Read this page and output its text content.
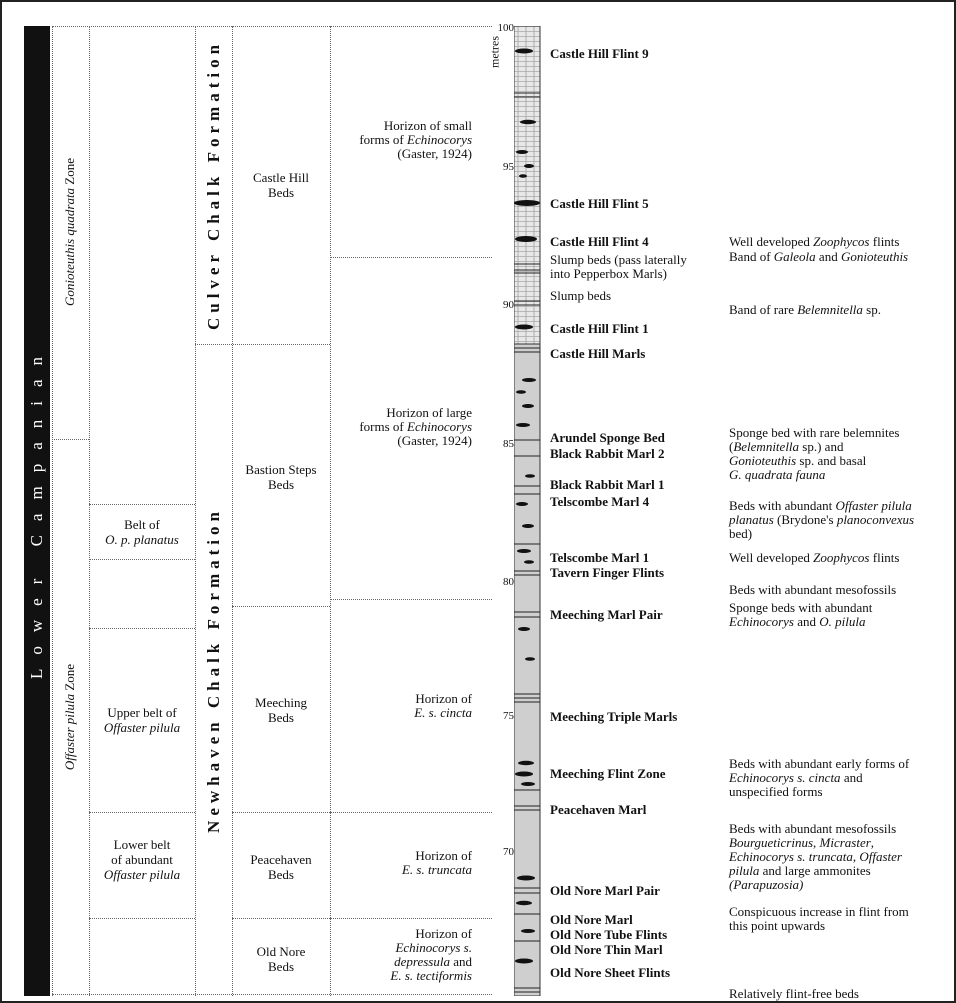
Lower Campanian
Gonioteuthis quadrata Zone
Offaster pilula Zone
Belt of
O. p. planatus
Upper belt of
Offaster pilula
Lower belt
of abundant
Offaster pilula
Culver Chalk Formation
Newhaven Chalk Formation
Castle Hill
Beds
Bastion Steps
Beds
Meeching
Beds
Peacehaven
Beds
Old Nore
Beds
Horizon of small
forms of Echinocorys
(Gaster, 1924)
Horizon of large
forms of Echinocorys
(Gaster, 1924)
Horizon of
E. s. cincta
Horizon of
E. s. truncata
Horizon of
Echinocorys s.
depressula and
E. s. tectiformis
metres
100
95
90
85
80
75
70
Castle Hill Flint 9
Castle Hill Flint 5
Castle Hill Flint 4
Slump beds (pass laterally
into Pepperbox Marls)
Slump beds
Castle Hill Flint 1
Castle Hill Marls
Arundel Sponge Bed
Black Rabbit Marl 2
Black Rabbit Marl 1
Telscombe Marl 4
Telscombe Marl 1
Tavern Finger Flints
Meeching Marl Pair
Meeching Triple Marls
Meeching Flint Zone
Peacehaven Marl
Old Nore Marl Pair
Old Nore Marl
Old Nore Tube Flints
Old Nore Thin Marl
Old Nore Sheet Flints
Well developed Zoophycos flints
Band of Galeola and Gonioteuthis
Band of rare Belemnitella sp.
Sponge bed with rare belemnites
(Belemnitella sp.) and
Gonioteuthis sp. and basal
G. quadrata fauna
Beds with abundant Offaster pilula
planatus (Brydone's planoconvexus
bed)
Well developed Zoophycos flints
Beds with abundant mesofossils
Sponge beds with abundant
Echinocorys and O. pilula
Beds with abundant early forms of
Echinocorys s. cincta and
unspecified forms
Beds with abundant mesofossils
Bourgueticrinus, Micraster,
Echinocorys s. truncata, Offaster
pilula and large ammonites
(Parapuzosia)
Conspicuous increase in flint from
this point upwards
Relatively flint-free beds
